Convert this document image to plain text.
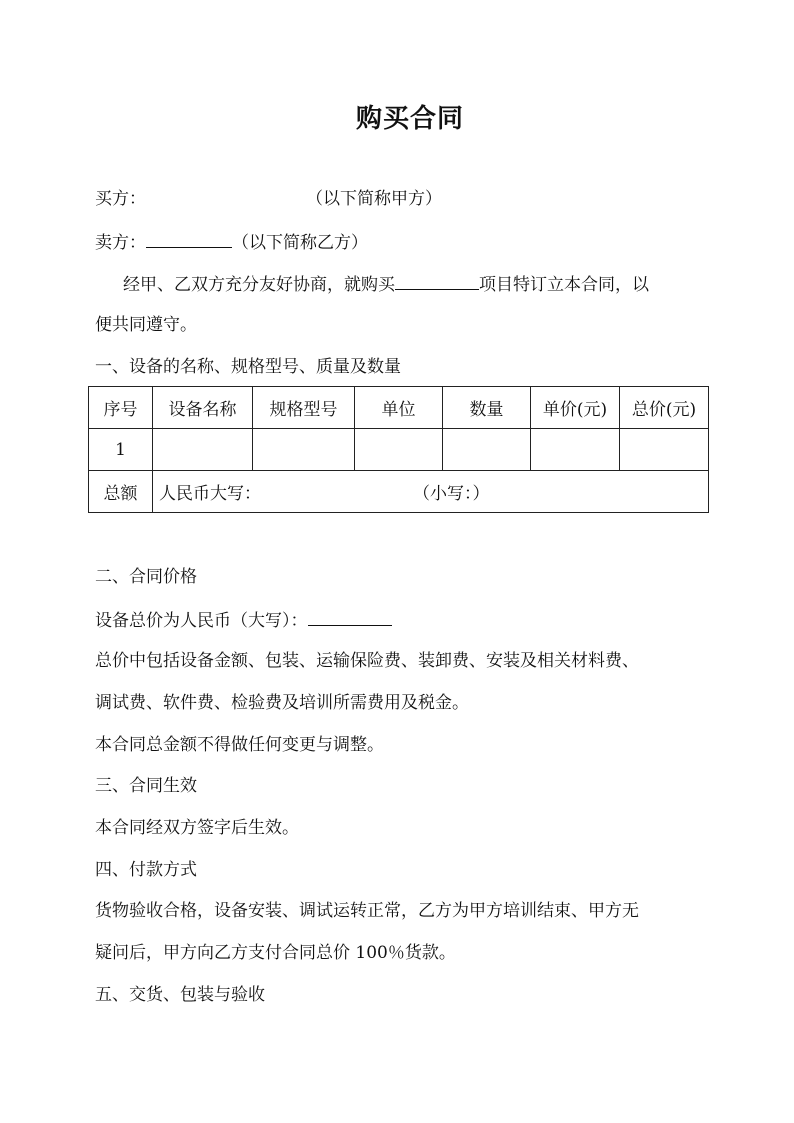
购买合同
买方：	（以下简称甲方）
卖方：	（以下简称乙方）
经甲、乙双方充分友好协商，就购买	项目特订立本合同，以
便共同遵守。
一、设备的名称、规格型号、质量及数量
序号	设备名称	规格型号	单位	数量	单价(元)	总价(元)
1						
总额	人民币大写： （小写：）					
二、合同价格
设备总价为人民币（大写）：
总价中包括设备金额、包装、运输保险费、装卸费、安装及相关材料费、
调试费、软件费、检验费及培训所需费用及税金。
本合同总金额不得做任何变更与调整。
三、合同生效
本合同经双方签字后生效。
四、付款方式
货物验收合格，设备安装、调试运转正常，乙方为甲方培训结束、甲方无
疑问后，甲方向乙方支付合同总价 100％货款。
五、交货、包装与验收
